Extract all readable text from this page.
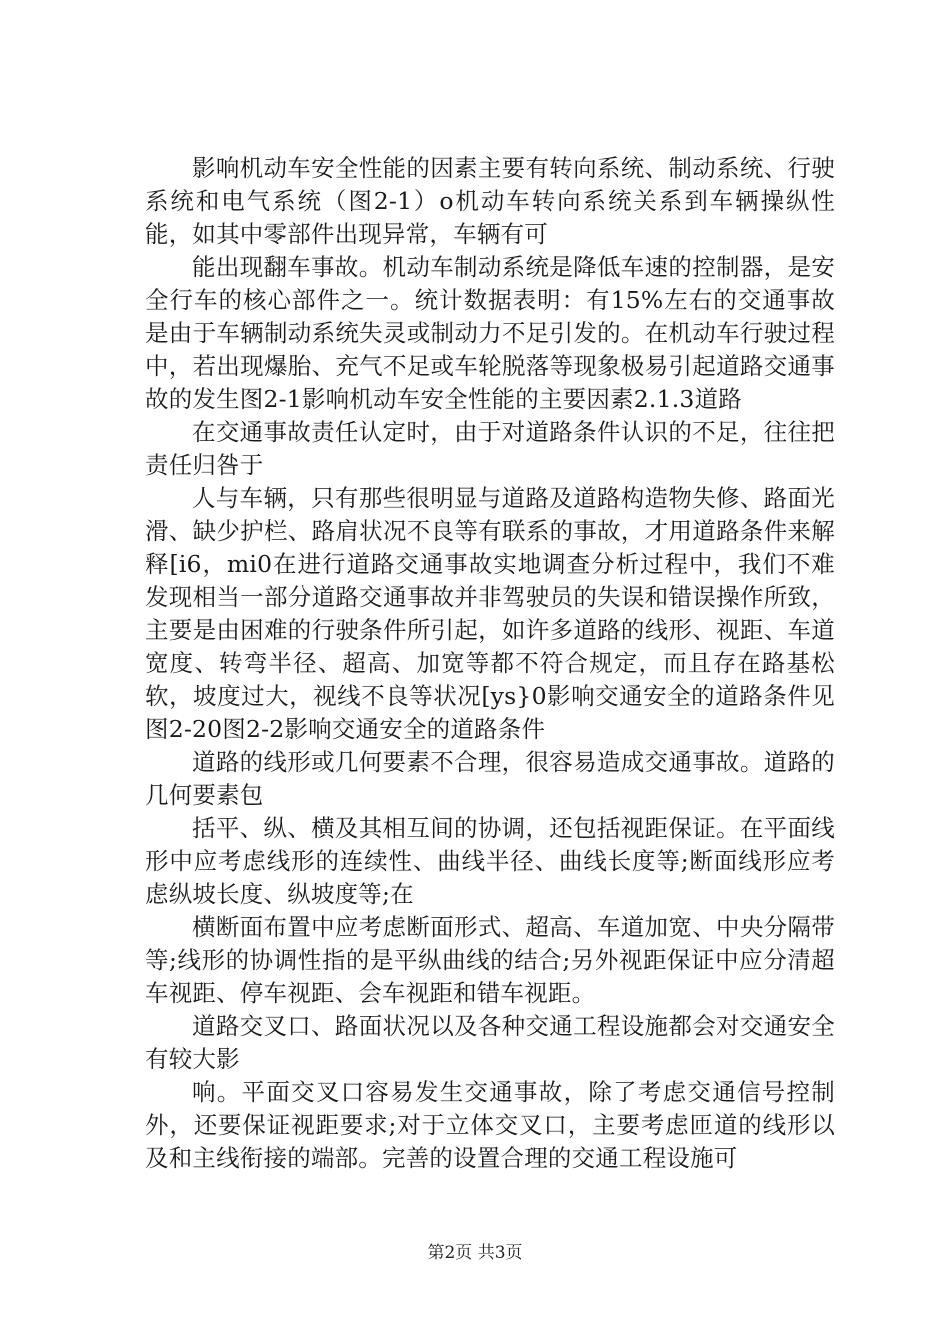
影响机动车安全性能的因素主要有转向系统、制动系统、行驶系统和电气系统（图2-1）o机动车转向系统关系到车辆操纵性能，如其中零部件出现异常，车辆有可

能出现翻车事故。机动车制动系统是降低车速的控制器，是安全行车的核心部件之一。统计数据表明：有15%左右的交通事故是由于车辆制动系统失灵或制动力不足引发的。在机动车行驶过程中，若出现爆胎、充气不足或车轮脱落等现象极易引起道路交通事故的发生图2-1影响机动车安全性能的主要因素2.1.3道路

在交通事故责任认定时，由于对道路条件认识的不足，往往把责任归咎于

人与车辆，只有那些很明显与道路及道路构造物失修、路面光滑、缺少护栏、路肩状况不良等有联系的事故，才用道路条件来解释[i6，mi0在进行道路交通事故实地调查分析过程中，我们不难发现相当一部分道路交通事故并非驾驶员的失误和错误操作所致，主要是由困难的行驶条件所引起，如许多道路的线形、视距、车道宽度、转弯半径、超高、加宽等都不符合规定，而且存在路基松软，坡度过大，视线不良等状况[ys}0影响交通安全的道路条件见图2-20图2-2影响交通安全的道路条件

道路的线形或几何要素不合理，很容易造成交通事故。道路的几何要素包

括平、纵、横及其相互间的协调，还包括视距保证。在平面线形中应考虑线形的连续性、曲线半径、曲线长度等;断面线形应考虑纵坡长度、纵坡度等;在

横断面布置中应考虑断面形式、超高、车道加宽、中央分隔带等;线形的协调性指的是平纵曲线的结合;另外视距保证中应分清超车视距、停车视距、会车视距和错车视距。

道路交叉口、路面状况以及各种交通工程设施都会对交通安全有较大影

响。平面交叉口容易发生交通事故，除了考虑交通信号控制外，还要保证视距要求;对于立体交叉口，主要考虑匝道的线形以及和主线衔接的端部。完善的设置合理的交通工程设施可

第2页 共3页
